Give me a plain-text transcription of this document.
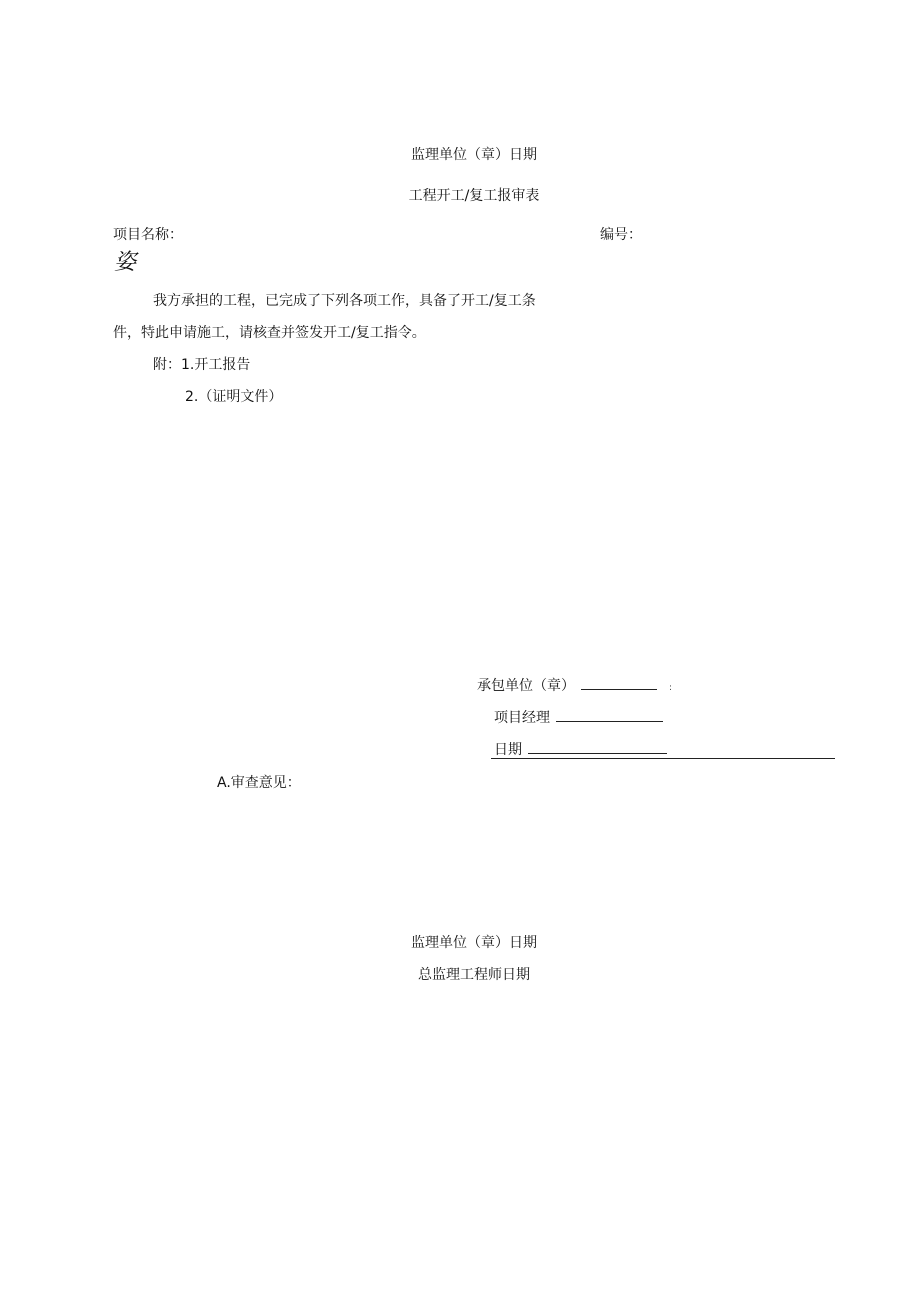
监理单位（章）日期
工程开工/复工报审表
项目名称：	编号：
姿
我方承担的工程，已完成了下列各项工作，具备了开工/复工条
件，特此申请施工，请核查并签发开工/复工指令。
附：1.开工报告
2.（证明文件）
承包单位（章）	:
项目经理
日期
A.审查意见：
监理单位（章）日期
总监理工程师日期
